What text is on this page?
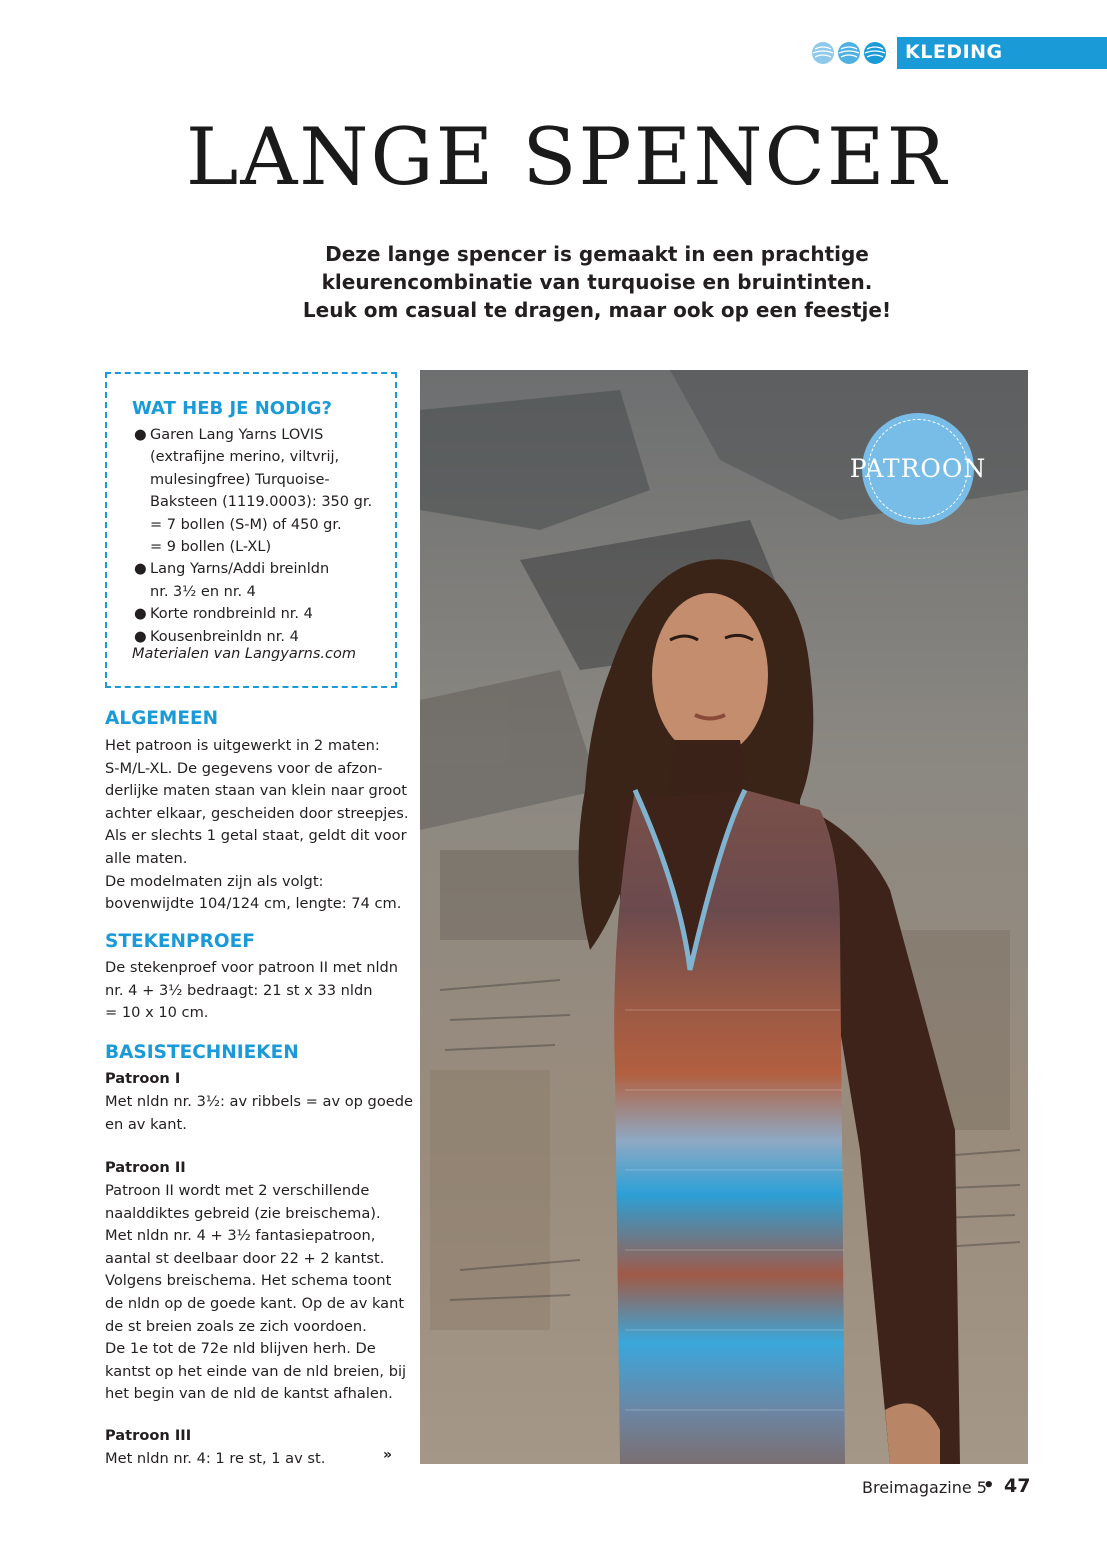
KLEDING
LANGE SPENCER
Deze lange spencer is gemaakt in een prachtige
kleurencombinatie van turquoise en bruintinten.
Leuk om casual te dragen, maar ook op een feestje!
WAT HEB JE NODIG?
● Garen Lang Yarns LOVIS
(extrafijne merino, viltvrij,
mulesingfree) Turquoise-
Baksteen (1119.0003): 350 gr.
= 7 bollen (S-M) of 450 gr.
= 9 bollen (L-XL)
● Lang Yarns/Addi breinldn
nr. 3½ en nr. 4
● Korte rondbreinld nr. 4
● Kousenbreinldn nr. 4
Materialen van Langyarns.com
ALGEMEEN
Het patroon is uitgewerkt in 2 maten:
S-M/L-XL. De gegevens voor de afzon-
derlijke maten staan van klein naar groot
achter elkaar, gescheiden door streepjes.
Als er slechts 1 getal staat, geldt dit voor
alle maten.
De modelmaten zijn als volgt:
bovenwijdte 104/124 cm, lengte: 74 cm.
STEKENPROEF
De stekenproef voor patroon II met nldn
nr. 4 + 3½ bedraagt: 21 st x 33 nldn
= 10 x 10 cm.
BASISTECHNIEKEN
Patroon I
Met nldn nr. 3½: av ribbels = av op goede
en av kant.
Patroon II
Patroon II wordt met 2 verschillende
naalddiktes gebreid (zie breischema).
Met nldn nr. 4 + 3½ fantasiepatroon,
aantal st deelbaar door 22 + 2 kantst.
Volgens breischema. Het schema toont
de nldn op de goede kant. Op de av kant
de st breien zoals ze zich voordoen.
De 1e tot de 72e nld blijven herh. De
kantst op het einde van de nld breien, bij
het begin van de nld de kantst afhalen.
Patroon III
Met nldn nr. 4: 1 re st, 1 av st.	»
PATROON
Breimagazine 5
• 47
